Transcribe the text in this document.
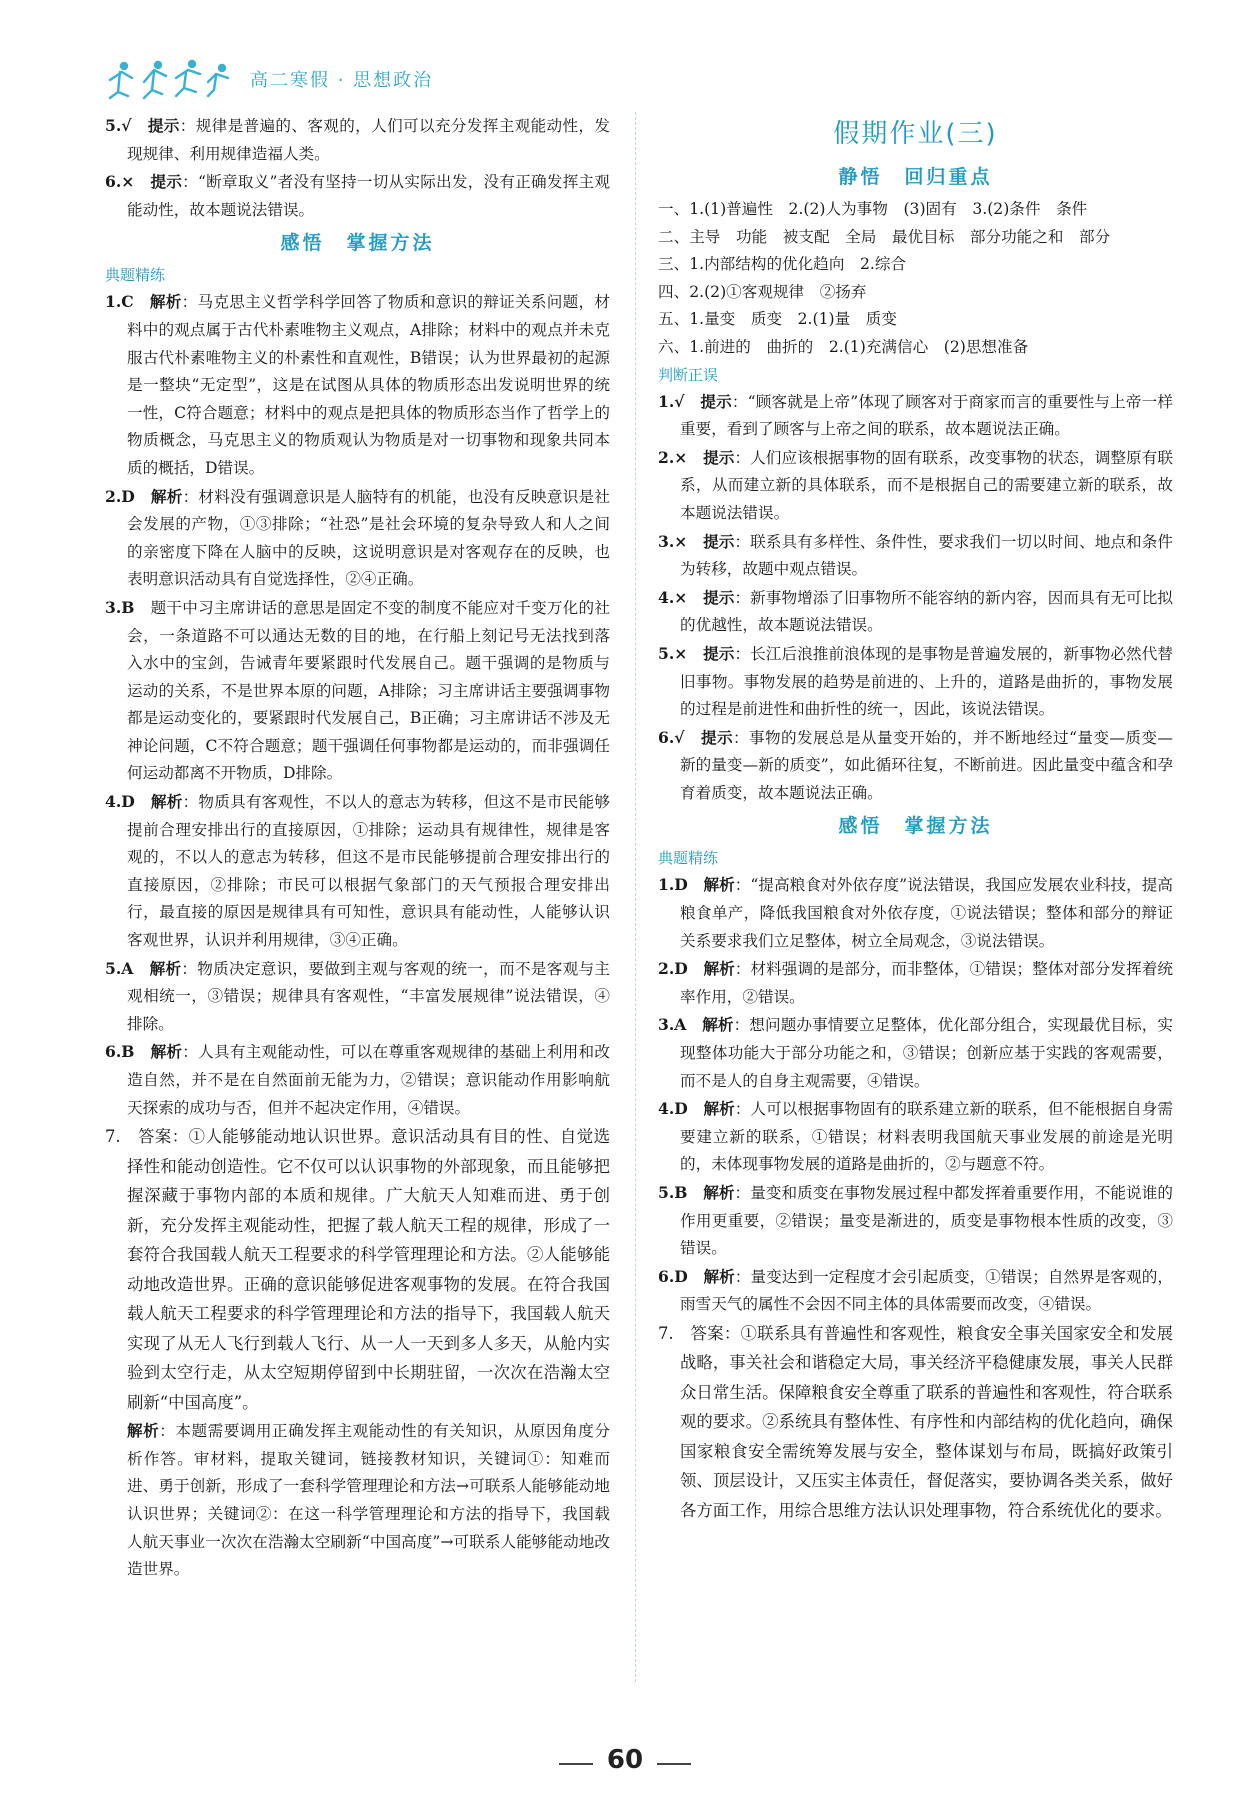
高二寒假 · 思想政治

5.√　 提示：规律是普遍的、客观的，人们可以充分发挥主观能动性，发现规律、利用规律造福人类。

6.×　 提示：“断章取义”者没有坚持一切从实际出发，没有正确发挥主观能动性，故本题说法错误。

感悟　掌握方法

典题精练

1.C　 解析：马克思主义哲学科学回答了物质和意识的辩证关系问题，材料中的观点属于古代朴素唯物主义观点，A排除；材料中的观点并未克服古代朴素唯物主义的朴素性和直观性，B错误；认为世界最初的起源是一整块“无定型”，这是在试图从具体的物质形态出发说明世界的统一性，C符合题意；材料中的观点是把具体的物质形态当作了哲学上的物质概念，马克思主义的物质观认为物质是对一切事物和现象共同本质的概括，D错误。

2.D　 解析：材料没有强调意识是人脑特有的机能，也没有反映意识是社会发展的产物，①③排除；“社恐”是社会环境的复杂导致人和人之间的亲密度下降在人脑中的反映，这说明意识是对客观存在的反映，也表明意识活动具有自觉选择性，②④正确。

3.B　 题干中习主席讲话的意思是固定不变的制度不能应对千变万化的社会，一条道路不可以通达无数的目的地，在行船上刻记号无法找到落入水中的宝剑，告诫青年要紧跟时代发展自己。题干强调的是物质与运动的关系，不是世界本原的问题，A排除；习主席讲话主要强调事物都是运动变化的，要紧跟时代发展自己，B正确；习主席讲话不涉及无神论问题，C不符合题意；题干强调任何事物都是运动的，而非强调任何运动都离不开物质，D排除。

4.D　 解析：物质具有客观性，不以人的意志为转移，但这不是市民能够提前合理安排出行的直接原因，①排除；运动具有规律性，规律是客观的，不以人的意志为转移，但这不是市民能够提前合理安排出行的直接原因，②排除；市民可以根据气象部门的天气预报合理安排出行，最直接的原因是规律具有可知性，意识具有能动性，人能够认识客观世界，认识并利用规律，③④正确。

5.A　 解析：物质决定意识，要做到主观与客观的统一，而不是客观与主观相统一，③错误；规律具有客观性，“丰富发展规律”说法错误，④排除。

6.B　 解析：人具有主观能动性，可以在尊重客观规律的基础上利用和改造自然，并不是在自然面前无能为力，②错误；意识能动作用影响航天探索的成功与否，但并不起决定作用，④错误。

7.　 答案：①人能够能动地认识世界。意识活动具有目的性、自觉选择性和能动创造性。它不仅可以认识事物的外部现象，而且能够把握深藏于事物内部的本质和规律。广大航天人知难而进、勇于创新，充分发挥主观能动性，把握了载人航天工程的规律，形成了一套符合我国载人航天工程要求的科学管理理论和方法。②人能够能动地改造世界。正确的意识能够促进客观事物的发展。在符合我国载人航天工程要求的科学管理理论和方法的指导下，我国载人航天实现了从无人飞行到载人飞行、从一人一天到多人多天，从舱内实验到太空行走，从太空短期停留到中长期驻留，一次次在浩瀚太空刷新“中国高度”。

解析：本题需要调用正确发挥主观能动性的有关知识，从原因角度分析作答。审材料，提取关键词，链接教材知识，关键词①：知难而进、勇于创新，形成了一套科学管理理论和方法→可联系人能够能动地认识世界；关键词②：在这一科学管理理论和方法的指导下，我国载人航天事业一次次在浩瀚太空刷新“中国高度”→可联系人能够能动地改造世界。

假期作业(三)
静悟　回归重点

一、1.(1)普遍性　2.(2)人为事物　(3)固有　3.(2)条件　条件

二、主导　功能　被支配　全局　最优目标　部分功能之和　部分

三、1.内部结构的优化趋向　2.综合

四、2.(2)①客观规律　②扬弃

五、1.量变　质变　2.(1)量　质变

六、1.前进的　曲折的　2.(1)充满信心　(2)思想准备

判断正误

1.√　 提示：“顾客就是上帝”体现了顾客对于商家而言的重要性与上帝一样重要，看到了顾客与上帝之间的联系，故本题说法正确。

2.×　 提示：人们应该根据事物的固有联系，改变事物的状态，调整原有联系，从而建立新的具体联系，而不是根据自己的需要建立新的联系，故本题说法错误。

3.×　 提示：联系具有多样性、条件性，要求我们一切以时间、地点和条件为转移，故题中观点错误。

4.×　 提示：新事物增添了旧事物所不能容纳的新内容，因而具有无可比拟的优越性，故本题说法错误。

5.×　 提示：长江后浪推前浪体现的是事物是普遍发展的，新事物必然代替旧事物。事物发展的趋势是前进的、上升的，道路是曲折的，事物发展的过程是前进性和曲折性的统一，因此，该说法错误。

6.√　 提示：事物的发展总是从量变开始的，并不断地经过“量变—质变—新的量变—新的质变”，如此循环往复，不断前进。因此量变中蕴含和孕育着质变，故本题说法正确。

感悟　掌握方法

典题精练

1.D　 解析：“提高粮食对外依存度”说法错误，我国应发展农业科技，提高粮食单产，降低我国粮食对外依存度，①说法错误；整体和部分的辩证关系要求我们立足整体，树立全局观念，③说法错误。

2.D　 解析：材料强调的是部分，而非整体，①错误；整体对部分发挥着统率作用，②错误。

3.A　 解析：想问题办事情要立足整体，优化部分组合，实现最优目标，实现整体功能大于部分功能之和，③错误；创新应基于实践的客观需要，而不是人的自身主观需要，④错误。

4.D　 解析：人可以根据事物固有的联系建立新的联系，但不能根据自身需要建立新的联系，①错误；材料表明我国航天事业发展的前途是光明的，未体现事物发展的道路是曲折的，②与题意不符。

5.B　 解析：量变和质变在事物发展过程中都发挥着重要作用，不能说谁的作用更重要，②错误；量变是渐进的，质变是事物根本性质的改变，③错误。

6.D　 解析：量变达到一定程度才会引起质变，①错误；自然界是客观的，雨雪天气的属性不会因不同主体的具体需要而改变，④错误。

7.　 答案：①联系具有普遍性和客观性，粮食安全事关国家安全和发展战略，事关社会和谐稳定大局，事关经济平稳健康发展，事关人民群众日常生活。保障粮食安全尊重了联系的普遍性和客观性，符合联系观的要求。②系统具有整体性、有序性和内部结构的优化趋向，确保国家粮食安全需统筹发展与安全，整体谋划与布局，既搞好政策引领、顶层设计，又压实主体责任，督促落实，要协调各类关系，做好各方面工作，用综合思维方法认识处理事物，符合系统优化的要求。

60
